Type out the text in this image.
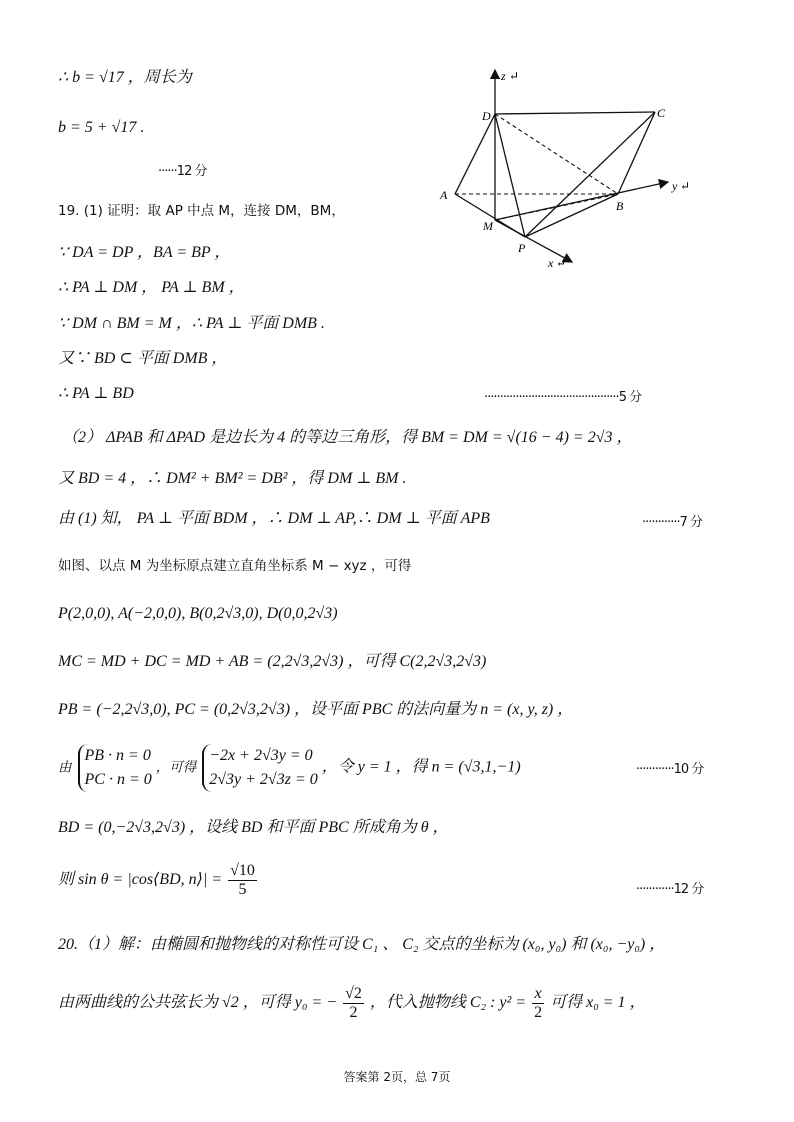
∴ b = √17 ，周长为
b = 5 + √17 .
······12 分
19. (1) 证明：取 AP 中点 M，连接 DM，BM，
∵ DA = DP ，BA = BP ，
∴ PA ⊥ DM ， PA ⊥ BM ，
∵ DM ∩ BM = M ，∴ PA ⊥ 平面 DMB .
又∵ BD ⊂ 平面 DMB ，
∴ PA ⊥ BD	···········································5 分
（2） ΔPAB 和 ΔPAD 是边长为 4 的等边三角形，得 BM = DM = √(16 − 4) = 2√3 ，
又 BD = 4 ，∴ DM² + BM² = DB² ，得 DM ⊥ BM .
由 (1) 知， PA ⊥ 平面 BDM ，∴ DM ⊥ AP,∴ DM ⊥ 平面 APB	············7 分
如图、以点 M 为坐标原点建立直角坐标系 M − xyz ，可得
P(2,0,0), A(−2,0,0), B(0,2√3,0), D(0,0,2√3)
MC = MD + DC = MD + AB = (2,2√3,2√3) ，可得 C(2,2√3,2√3)
PB = (−2,2√3,0), PC = (0,2√3,2√3) ，设平面 PBC 的法向量为 n = (x, y, z) ，
由
PB · n = 0
PC · n = 0
，可得
−2x + 2√3y = 0
2√3y + 2√3z = 0
，令 y = 1 ，得 n = (√3,1,−1)	············10 分
BD = (0,−2√3,2√3) ，设线 BD 和平面 PBC 所成角为 θ ，
则 sin θ = |cos⟨BD, n⟩| = $\frac{√10}{5}$	············12 分
20.（1）解：由椭圆和抛物线的对称性可设 C₁ 、 C₂ 交点的坐标为 (x₀, y₀) 和 (x₀, −y₀) ，
由两曲线的公共弦长为 √2 ，可得 y₀ = − $\frac{√2}{2}$ ，代入抛物线 C₂ : $y^2 = \frac{x}{2}$ 可得 x₀ = 1 ，
z ↵
y ↵
x ↵
D	C
A
B
M
P
答案第 2页，总 7页
